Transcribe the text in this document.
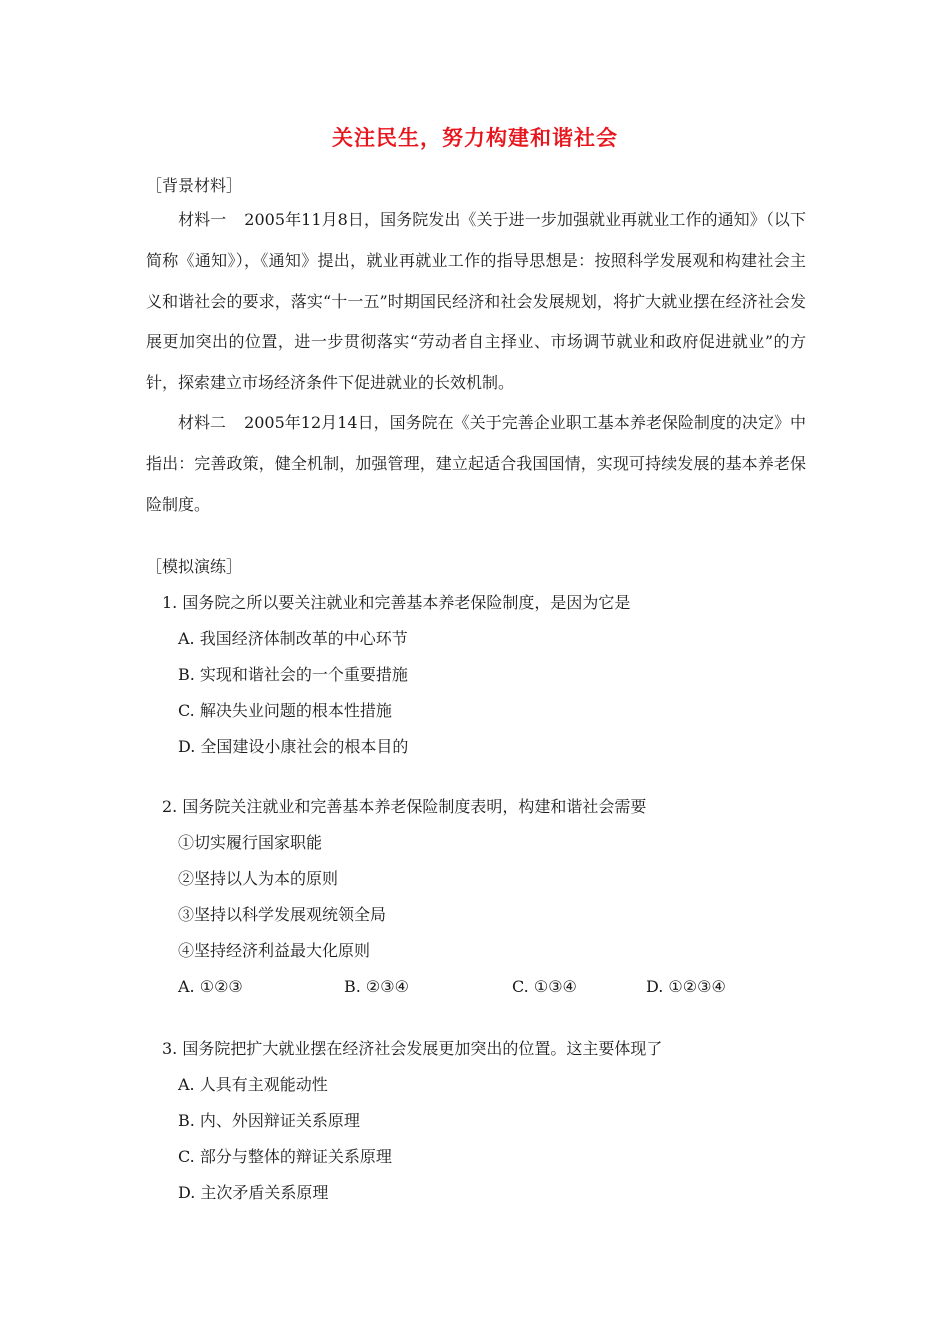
关注民生，努力构建和谐社会
［背景材料］
材料一 2005年11月8日，国务院发出《关于进一步加强就业再就业工作的通知》（以下简称《通知》），《通知》提出，就业再就业工作的指导思想是：按照科学发展观和构建社会主义和谐社会的要求，落实“十一五”时期国民经济和社会发展规划，将扩大就业摆在经济社会发展更加突出的位置，进一步贯彻落实“劳动者自主择业、市场调节就业和政府促进就业”的方针，探索建立市场经济条件下促进就业的长效机制。
材料二 2005年12月14日，国务院在《关于完善企业职工基本养老保险制度的决定》中指出：完善政策，健全机制，加强管理，建立起适合我国国情，实现可持续发展的基本养老保险制度。
［模拟演练］
1. 国务院之所以要关注就业和完善基本养老保险制度，是因为它是
A. 我国经济体制改革的中心环节
B. 实现和谐社会的一个重要措施
C. 解决失业问题的根本性措施
D. 全国建设小康社会的根本目的
2. 国务院关注就业和完善基本养老保险制度表明，构建和谐社会需要
①切实履行国家职能
②坚持以人为本的原则
③坚持以科学发展观统领全局
④坚持经济利益最大化原则
A. ①②③	B. ②③④	C. ①③④	D. ①②③④
3. 国务院把扩大就业摆在经济社会发展更加突出的位置。这主要体现了
A. 人具有主观能动性
B. 内、外因辩证关系原理
C. 部分与整体的辩证关系原理
D. 主次矛盾关系原理
